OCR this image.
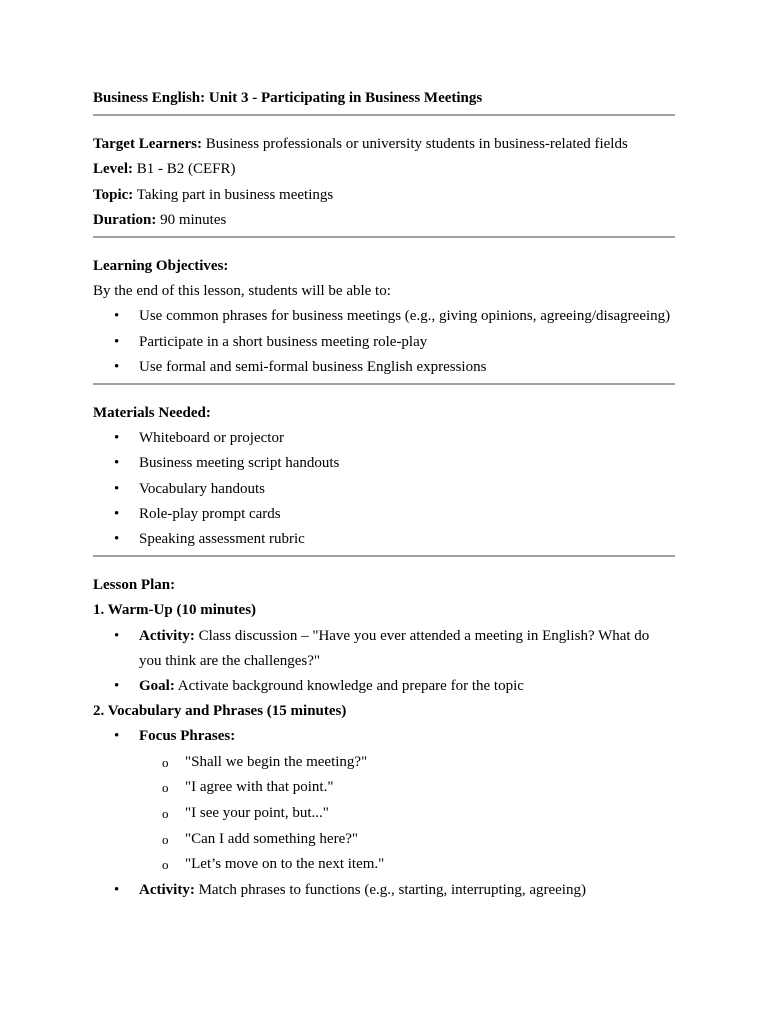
Business English: Unit 3 - Participating in Business Meetings
Target Learners: Business professionals or university students in business-related fields
Level: B1 - B2 (CEFR)
Topic: Taking part in business meetings
Duration: 90 minutes
Learning Objectives:
By the end of this lesson, students will be able to:
• Use common phrases for business meetings (e.g., giving opinions, agreeing/disagreeing)
• Participate in a short business meeting role-play
• Use formal and semi-formal business English expressions
Materials Needed:
• Whiteboard or projector
• Business meeting script handouts
• Vocabulary handouts
• Role-play prompt cards
• Speaking assessment rubric
Lesson Plan:
1. Warm-Up (10 minutes)
• Activity: Class discussion – "Have you ever attended a meeting in English? What do you think are the challenges?"
• Goal: Activate background knowledge and prepare for the topic
2. Vocabulary and Phrases (15 minutes)
• Focus Phrases:
o "Shall we begin the meeting?"
o "I agree with that point."
o "I see your point, but..."
o "Can I add something here?"
o "Let’s move on to the next item."
• Activity: Match phrases to functions (e.g., starting, interrupting, agreeing)
